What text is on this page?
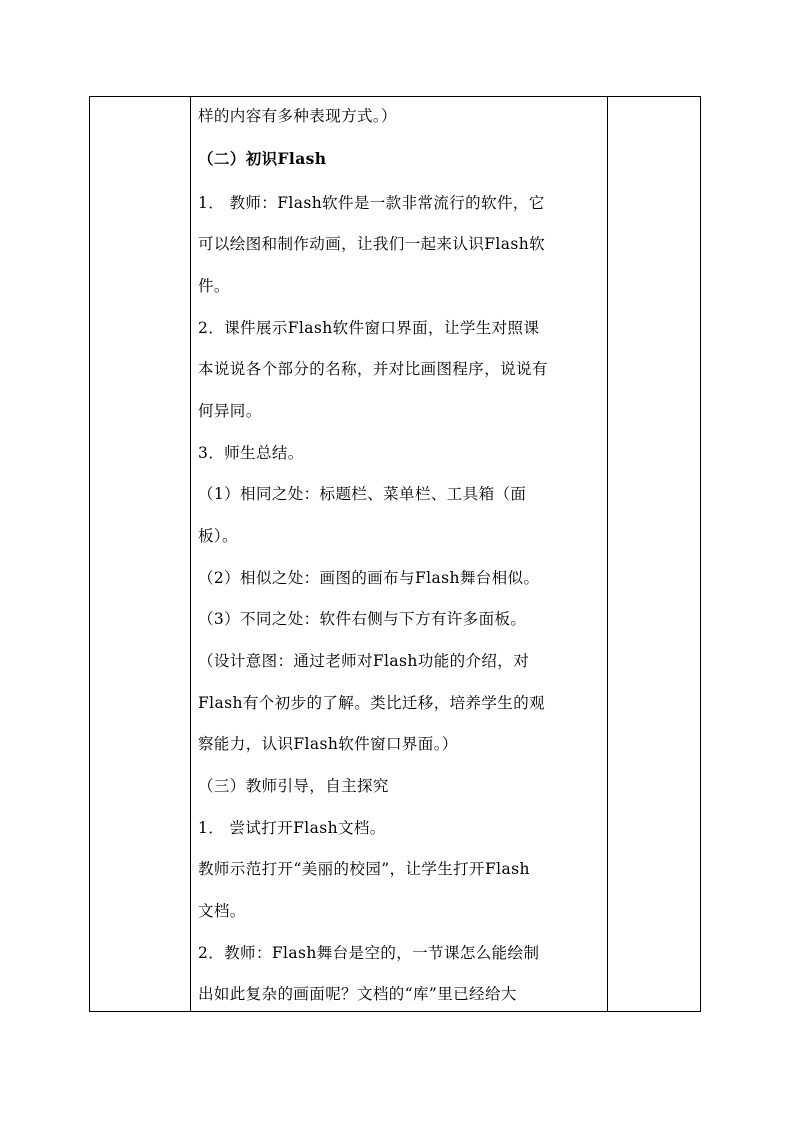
样的内容有多种表现方式。）
（二）初识Flash
1． 教师：Flash软件是一款非常流行的软件，它
可以绘图和制作动画，让我们一起来认识Flash软
件。
2．课件展示Flash软件窗口界面，让学生对照课
本说说各个部分的名称，并对比画图程序，说说有
何异同。
3．师生总结。
（1）相同之处：标题栏、菜单栏、工具箱（面
板）。
（2）相似之处：画图的画布与Flash舞台相似。
（3）不同之处：软件右侧与下方有许多面板。
（设计意图：通过老师对Flash功能的介绍，对
Flash有个初步的了解。类比迁移，培养学生的观
察能力，认识Flash软件窗口界面。）
（三）教师引导，自主探究
1． 尝试打开Flash文档。
教师示范打开“美丽的校园”，让学生打开Flash
文档。
2．教师：Flash舞台是空的，一节课怎么能绘制
出如此复杂的画面呢？文档的“库”里已经给大
